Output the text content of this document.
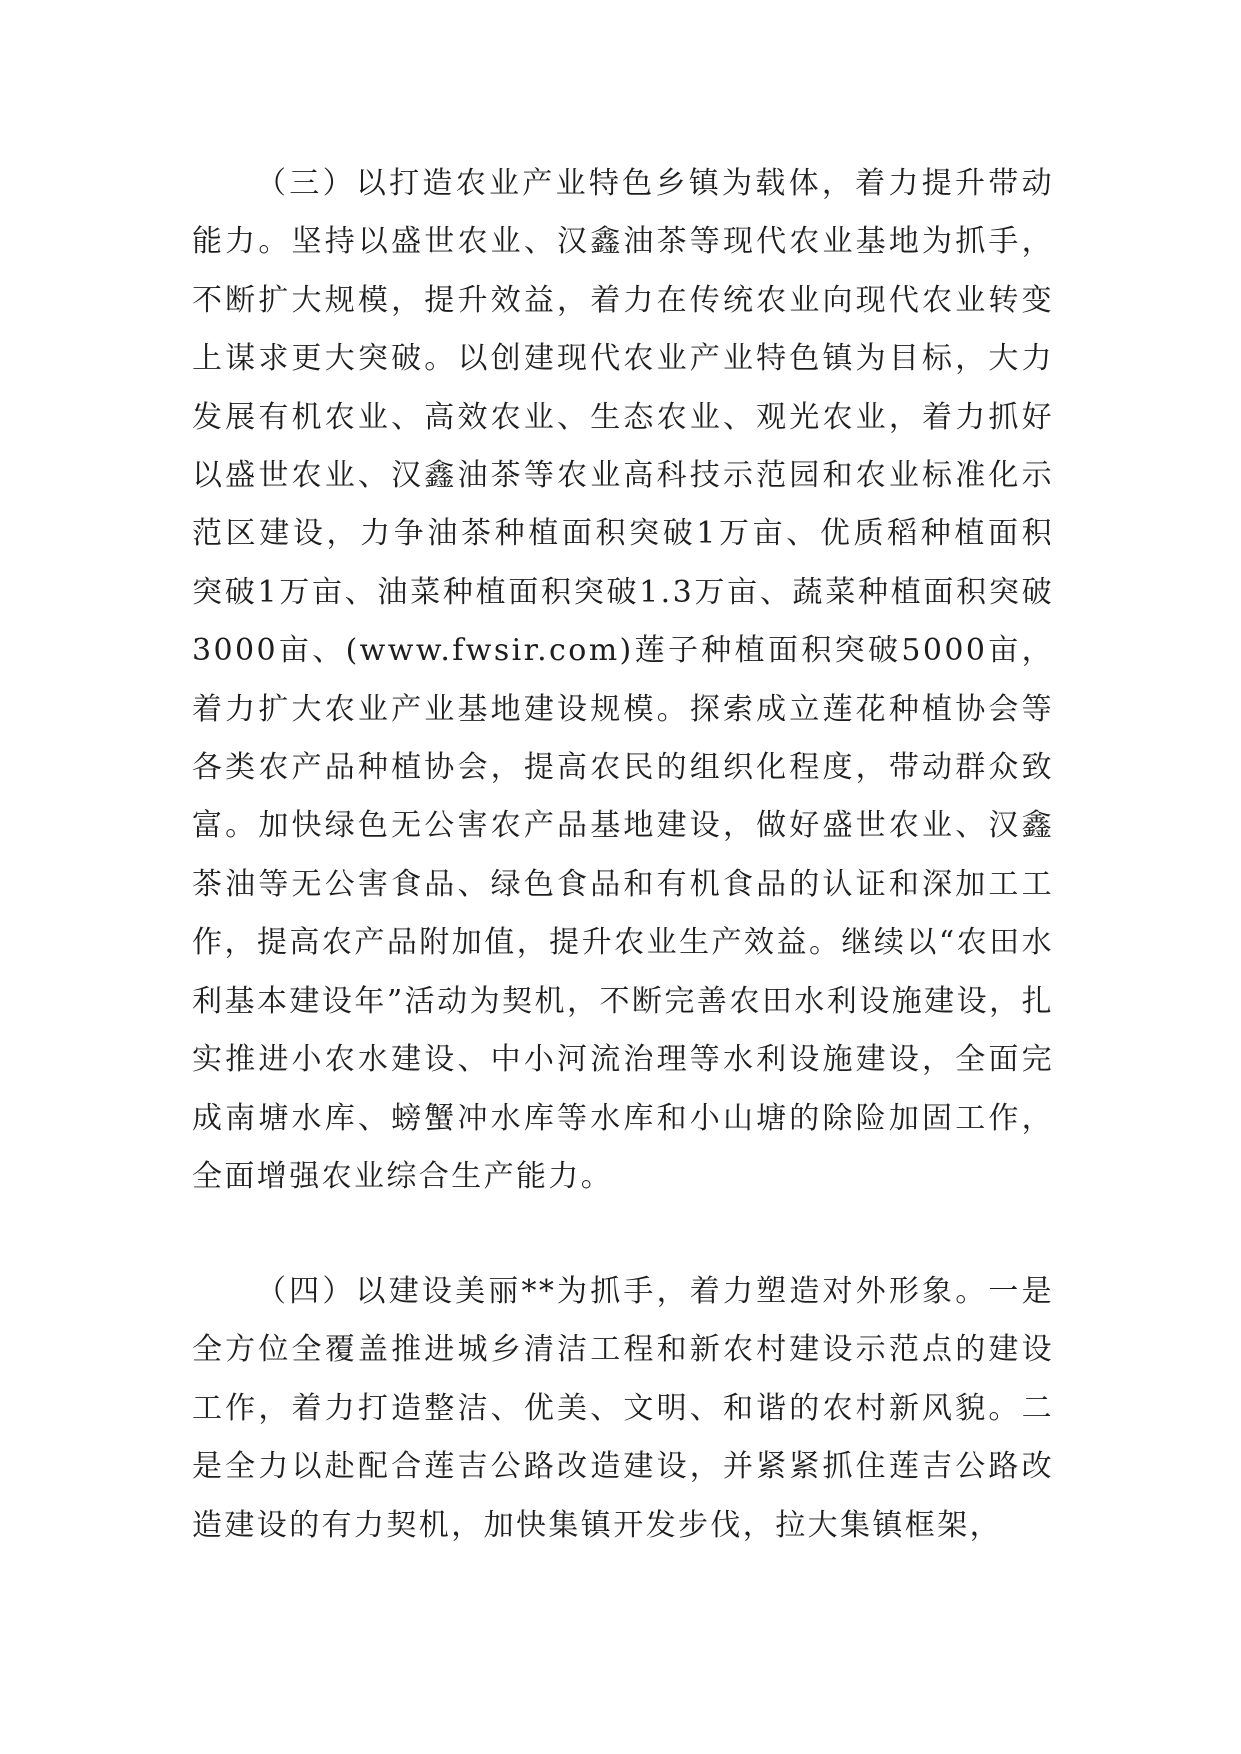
（三）以打造农业产业特色乡镇为载体，着力提升带动能力。坚持以盛世农业、汉鑫油茶等现代农业基地为抓手，不断扩大规模，提升效益，着力在传统农业向现代农业转变上谋求更大突破。以创建现代农业产业特色镇为目标，大力发展有机农业、高效农业、生态农业、观光农业，着力抓好以盛世农业、汉鑫油茶等农业高科技示范园和农业标准化示范区建设，力争油茶种植面积突破1万亩、优质稻种植面积突破1万亩、油菜种植面积突破1.3万亩、蔬菜种植面积突破3000亩、(www.fwsir.com)莲子种植面积突破5000亩，着力扩大农业产业基地建设规模。探索成立莲花种植协会等各类农产品种植协会，提高农民的组织化程度，带动群众致富。加快绿色无公害农产品基地建设，做好盛世农业、汉鑫茶油等无公害食品、绿色食品和有机食品的认证和深加工工作，提高农产品附加值，提升农业生产效益。继续以“农田水利基本建设年”活动为契机，不断完善农田水利设施建设，扎实推进小农水建设、中小河流治理等水利设施建设，全面完成南塘水库、螃蟹冲水库等水库和小山塘的除险加固工作，全面增强农业综合生产能力。

（四）以建设美丽**为抓手，着力塑造对外形象。一是全方位全覆盖推进城乡清洁工程和新农村建设示范点的建设工作，着力打造整洁、优美、文明、和谐的农村新风貌。二是全力以赴配合莲吉公路改造建设，并紧紧抓住莲吉公路改造建设的有力契机，加快集镇开发步伐，拉大集镇框架，
